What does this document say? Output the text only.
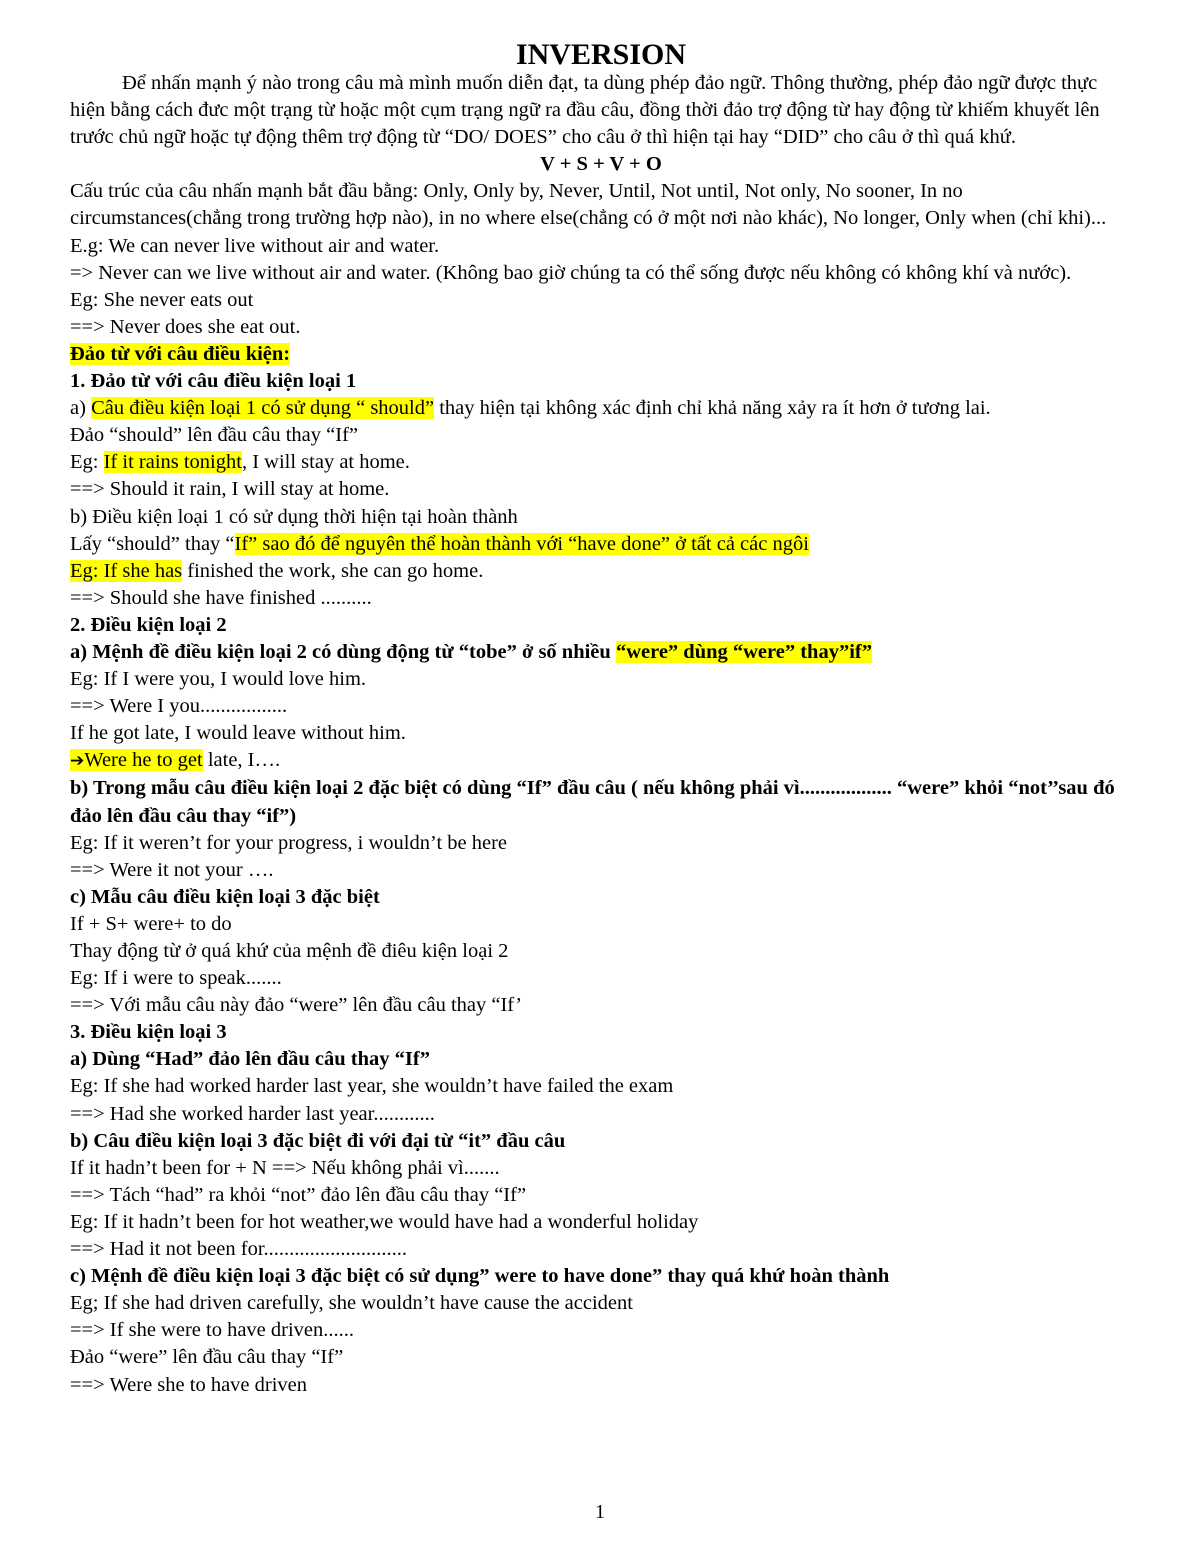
INVERSION
Để nhấn mạnh ý nào trong câu mà mình muốn diễn đạt, ta dùng phép đảo ngữ. Thông thường, phép đảo ngữ được thực hiện bằng cách đưc một trạng từ hoặc một cụm trạng ngữ ra đầu câu, đồng thời đảo trợ động từ hay động từ khiếm khuyết lên trước chủ ngữ hoặc tự động thêm trợ động từ “DO/ DOES” cho câu ở thì hiện tại hay “DID” cho câu ở thì quá khứ.
V + S + V + O
Cấu trúc của câu nhấn mạnh bắt đầu bằng: Only, Only by, Never, Until, Not until, Not only, No sooner, In no circumstances(chẳng trong trường hợp nào), in no where else(chẳng có ở một nơi nào khác), No longer, Only when (chỉ khi)...
E.g: We can never live without air and water.
=> Never can we live without air and water. (Không bao giờ chúng ta có thể sống được nếu không có không khí và nước).
Eg: She never eats out
==> Never does she eat out.
Đảo từ với câu điều kiện:
1. Đảo từ với câu điều kiện loại 1
a) Câu điều kiện loại 1 có sử dụng “ should” thay hiện tại không xác định chỉ khả năng xảy ra ít hơn ở tương lai.
Đảo “should” lên đầu câu thay “If”
Eg: If it rains tonight, I will stay at home.
==> Should it rain, I will stay at home.
b) Điều kiện loại 1 có sử dụng thời hiện tại hoàn thành
Lấy “should” thay “If” sao đó để nguyên thể hoàn thành với “have done” ở tất cả các ngôi
Eg: If she has finished the work, she can go home.
==> Should she have finished ..........
2. Điều kiện loại 2
a) Mệnh đề điều kiện loại 2 có dùng động từ “tobe” ở số nhiều “were” dùng “were” thay”if”
Eg: If I were you, I would love him.
==> Were I you.................
If he got late, I would leave without him.
➔Were he to get late, I….
b) Trong mẫu câu điều kiện loại 2 đặc biệt có dùng “If” đầu câu ( nếu không phải vì.................. “were” khỏi “not’’sau đó đảo lên đầu câu thay “if”)
Eg: If it weren’t for your progress, i wouldn’t be here
==> Were it not your ….
c) Mẫu câu điều kiện loại 3 đặc biệt
If + S+ were+ to do
Thay động từ ở quá khứ của mệnh đề điêu kiện loại 2
Eg: If i were to speak.......
==> Với mẫu câu này đảo “were” lên đầu câu thay “If’
3. Điều kiện loại 3
a) Dùng “Had” đảo lên đầu câu thay “If”
Eg: If she had worked harder last year, she wouldn’t have failed the exam
==> Had she worked harder last year............
b) Câu điều kiện loại 3 đặc biệt đi với đại từ “it” đầu câu
If it hadn’t been for + N ==> Nếu không phải vì.......
==> Tách “had” ra khỏi “not” đảo lên đầu câu thay “If”
Eg: If it hadn’t been for hot weather,we would have had a wonderful holiday
==> Had it not been for............................
c) Mệnh đề điều kiện loại 3 đặc biệt có sử dụng” were to have done” thay quá khứ hoàn thành
Eg; If she had driven carefully, she wouldn’t have cause the accident
==> If she were to have driven......
Đảo “were” lên đầu câu thay “If”
==> Were she to have driven
1
